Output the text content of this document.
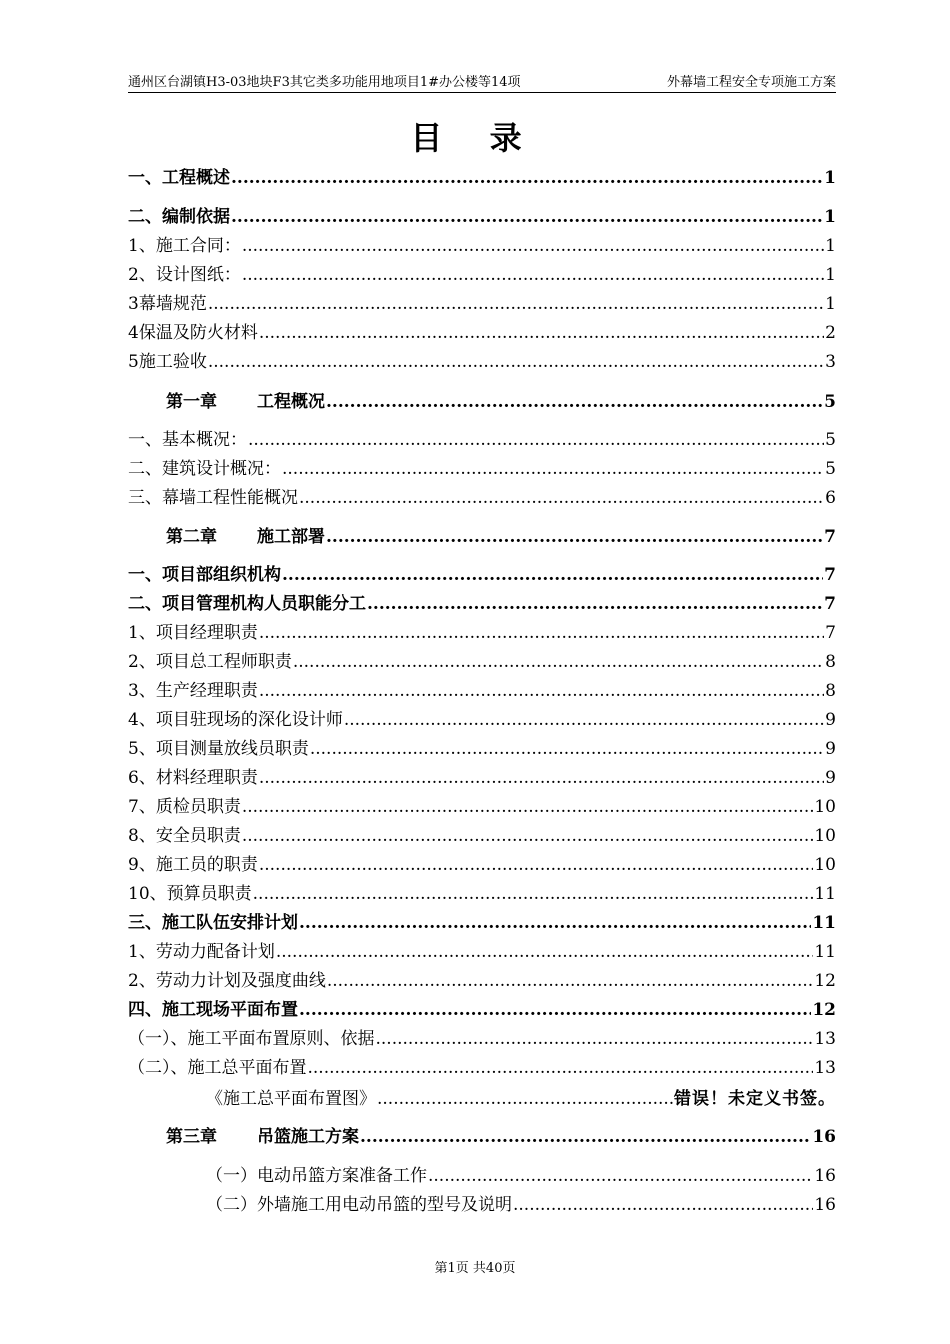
通州区台湖镇H3-03地块F3其它类多功能用地项目1#办公楼等14项	外幕墙工程安全专项施工方案
目 录
一、工程概述 .....	1
二、编制依据 .....	1
1、施工合同： .....	1
2、设计图纸： .....	1
3幕墙规范 .....	1
4保温及防火材料 .....	2
5施工验收 .....	3
第一章 工程概况 .....	5
一、基本概况： .....	5
二、建筑设计概况： .....	5
三、幕墙工程性能概况 .....	6
第二章 施工部署 .....	7
一、项目部组织机构 .....	7
二、项目管理机构人员职能分工 .....	7
1、项目经理职责 .....	7
2、项目总工程师职责 .....	8
3、生产经理职责 .....	8
4、项目驻现场的深化设计师 .....	9
5、项目测量放线员职责 .....	9
6、材料经理职责 .....	9
7、质检员职责 .....	10
8、安全员职责 .....	10
9、施工员的职责 .....	10
10、预算员职责 .....	11
三、施工队伍安排计划 .....	11
1、劳动力配备计划 .....	11
2、劳动力计划及强度曲线 .....	12
四、施工现场平面布置 .....	12
（一）、施工平面布置原则、依据 .....	13
（二）、施工总平面布置 .....	13
《施工总平面布置图》 .....	错误！未定义书签。
第三章 吊篮施工方案 .....	16
（一）电动吊篮方案准备工作 .....	16
（二）外墙施工用电动吊篮的型号及说明 .....	16
第1页 共40页
